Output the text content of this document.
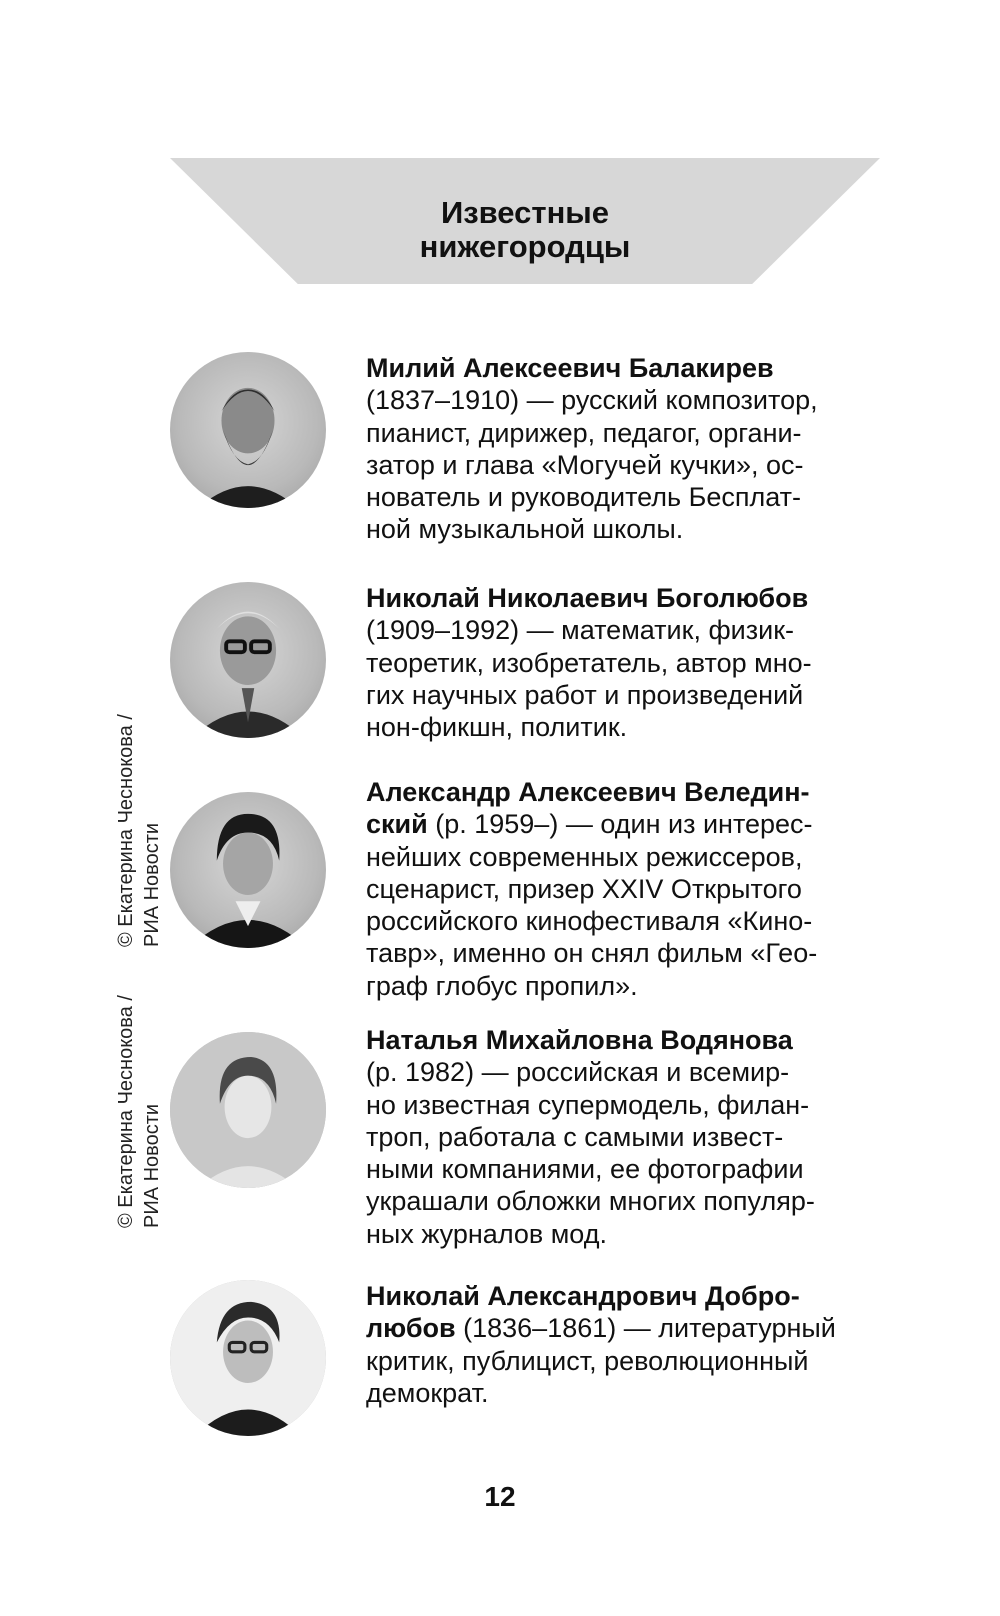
Известные
нижегородцы
© Екатерина Чеснокова / РИА Новости
© Екатерина Чеснокова / РИА Новости

Милий Алексеевич Балакирев
(1837–1910) — русский композитор,
пианист, дирижер, педагог, органи-
затор и глава «Могучей кучки», ос-
нователь и руководитель Бесплат-
ной музыкальной школы.

Николай Николаевич Боголюбов
(1909–1992) — математик, физик-
теоретик, изобретатель, автор мно-
гих научных работ и произведений
нон-фикшн, политик.

Александр Алексеевич Веледин-
ский (р. 1959–) — один из интерес-
нейших современных режиссеров,
сценарист, призер XXIV Открытого
российского кинофестиваля «Кино-
тавр», именно он снял фильм «Гео-
граф глобус пропил».

Наталья Михайловна Водянова
(р. 1982) — российская и всемир-
но известная супермодель, филан-
троп, работала с самыми извест-
ными компаниями, ее фотографии
украшали обложки многих популяр-
ных журналов мод.

Николай Александрович Добро-
любов (1836–1861) — литературный
критик, публицист, революционный
демократ.

12
